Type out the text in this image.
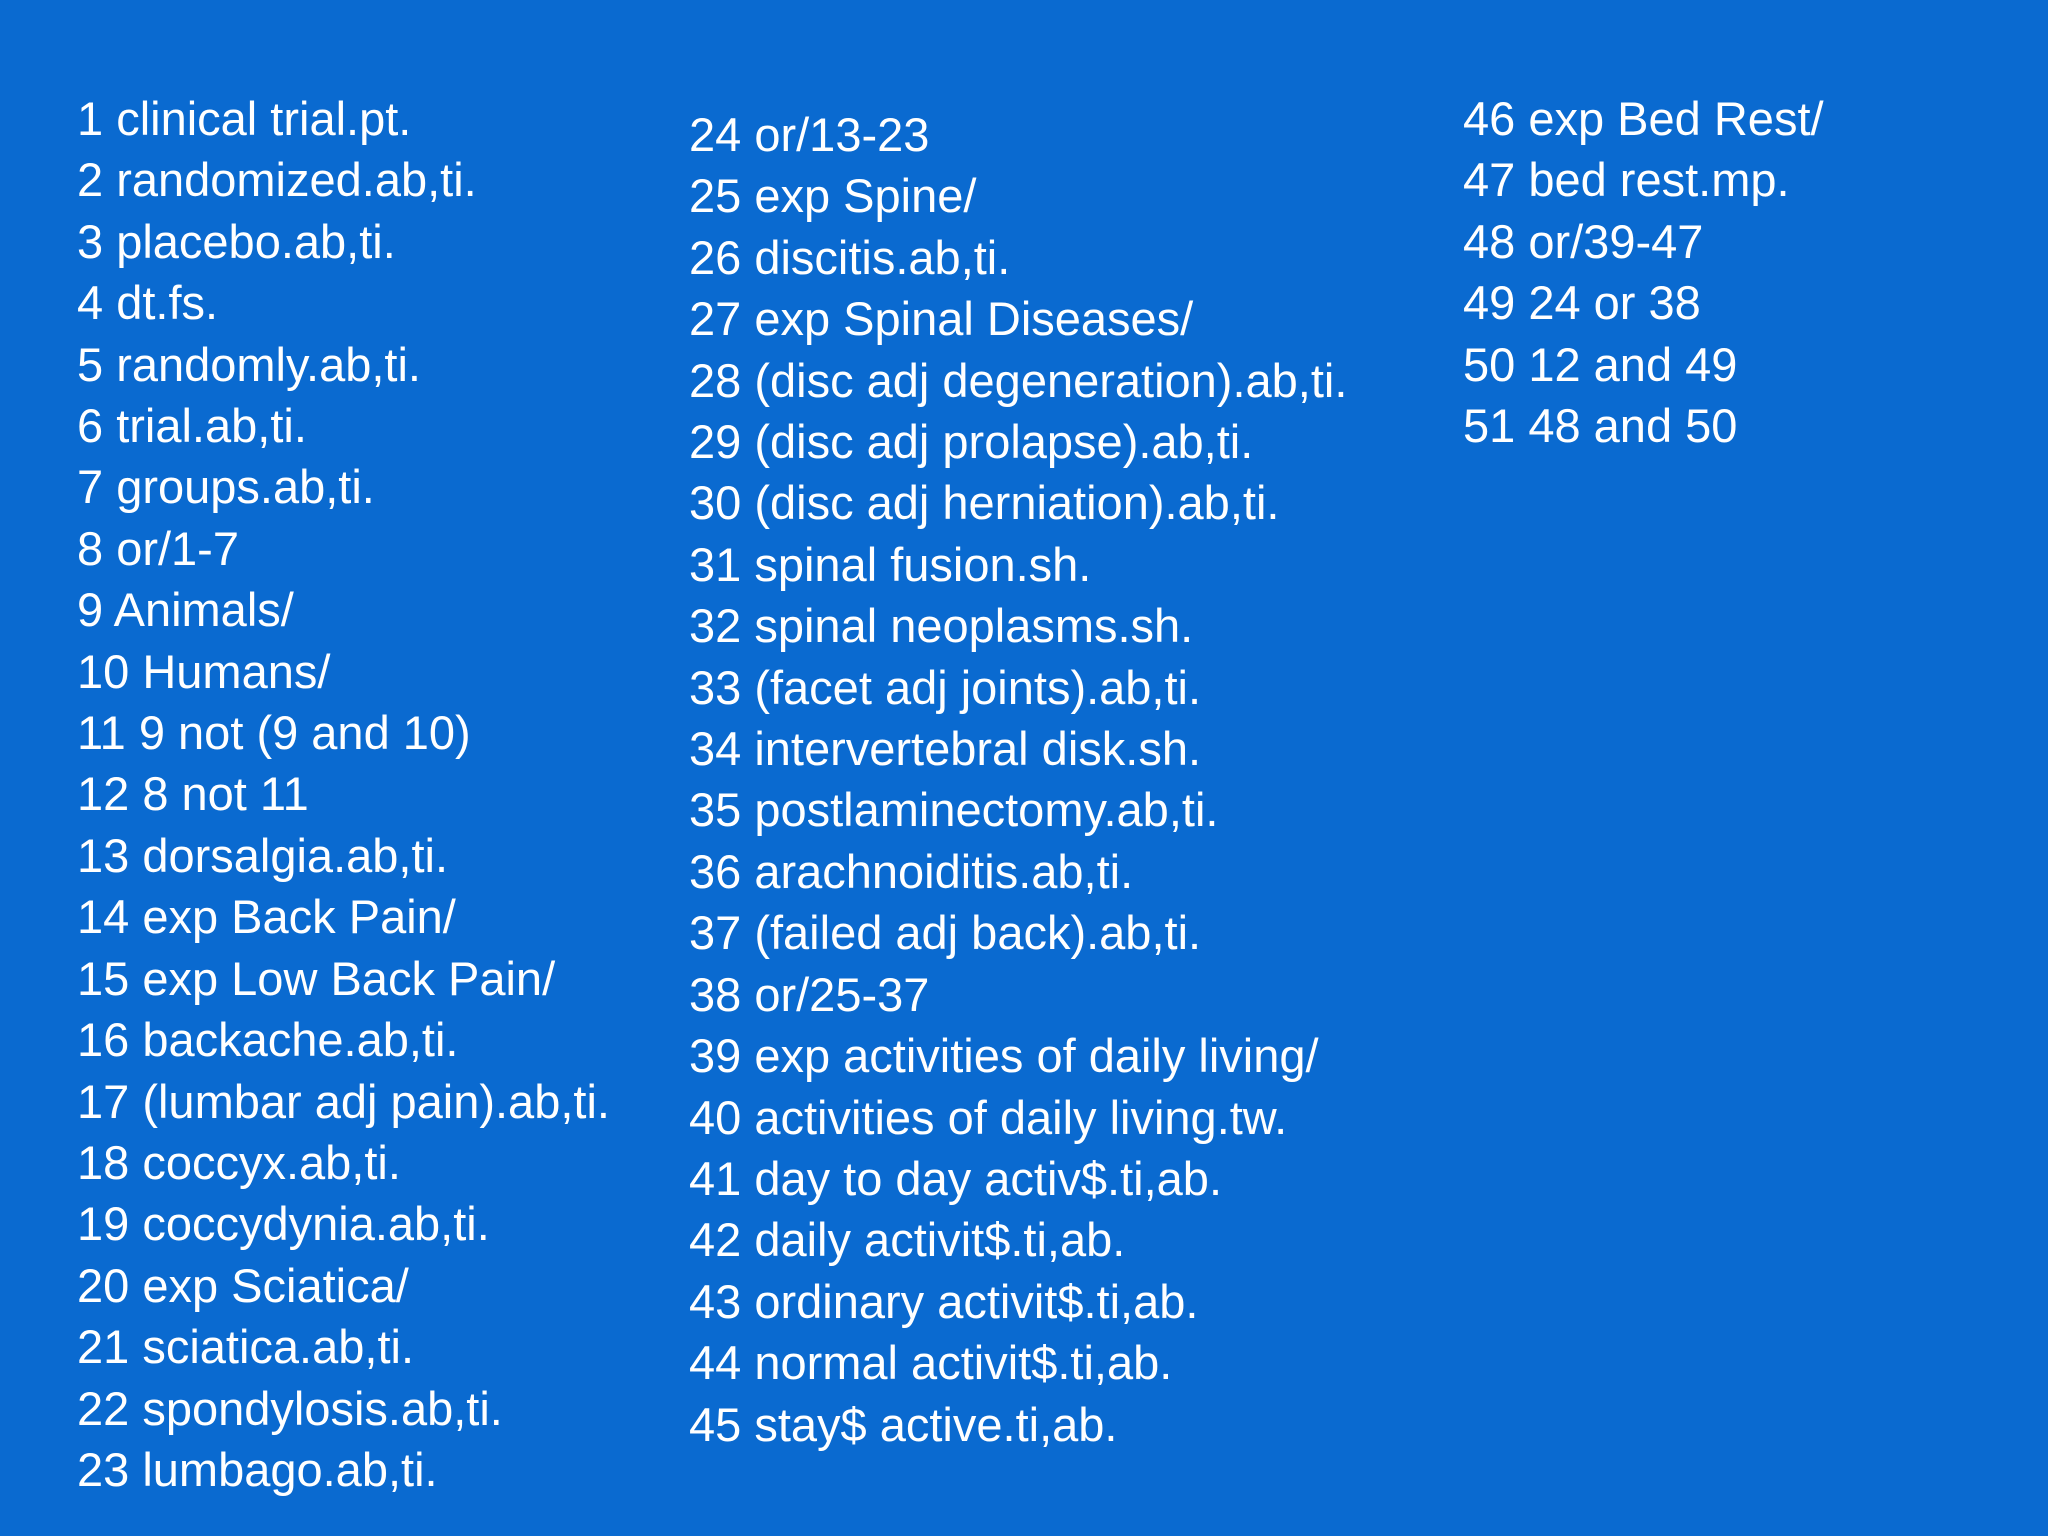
1 clinical trial.pt.
2 randomized.ab,ti.
3 placebo.ab,ti.
4 dt.fs.
5 randomly.ab,ti.
6 trial.ab,ti.
7 groups.ab,ti.
8 or/1-7
9 Animals/
10 Humans/
11 9 not (9 and 10)
12 8 not 11
13 dorsalgia.ab,ti.
14 exp Back Pain/
15 exp Low Back Pain/
16 backache.ab,ti.
17 (lumbar adj pain).ab,ti.
18 coccyx.ab,ti.
19 coccydynia.ab,ti.
20 exp Sciatica/
21 sciatica.ab,ti.
22 spondylosis.ab,ti.
23 lumbago.ab,ti.
24 or/13-23
25 exp Spine/
26 discitis.ab,ti.
27 exp Spinal Diseases/
28 (disc adj degeneration).ab,ti.
29 (disc adj prolapse).ab,ti.
30 (disc adj herniation).ab,ti.
31 spinal fusion.sh.
32 spinal neoplasms.sh.
33 (facet adj joints).ab,ti.
34 intervertebral disk.sh.
35 postlaminectomy.ab,ti.
36 arachnoiditis.ab,ti.
37 (failed adj back).ab,ti.
38 or/25-37
39 exp activities of daily living/
40 activities of daily living.tw.
41 day to day activ$.ti,ab.
42 daily activit$.ti,ab.
43 ordinary activit$.ti,ab.
44 normal activit$.ti,ab.
45 stay$ active.ti,ab.
46 exp Bed Rest/
47 bed rest.mp.
48 or/39-47
49 24 or 38
50 12 and 49
51 48 and 50
